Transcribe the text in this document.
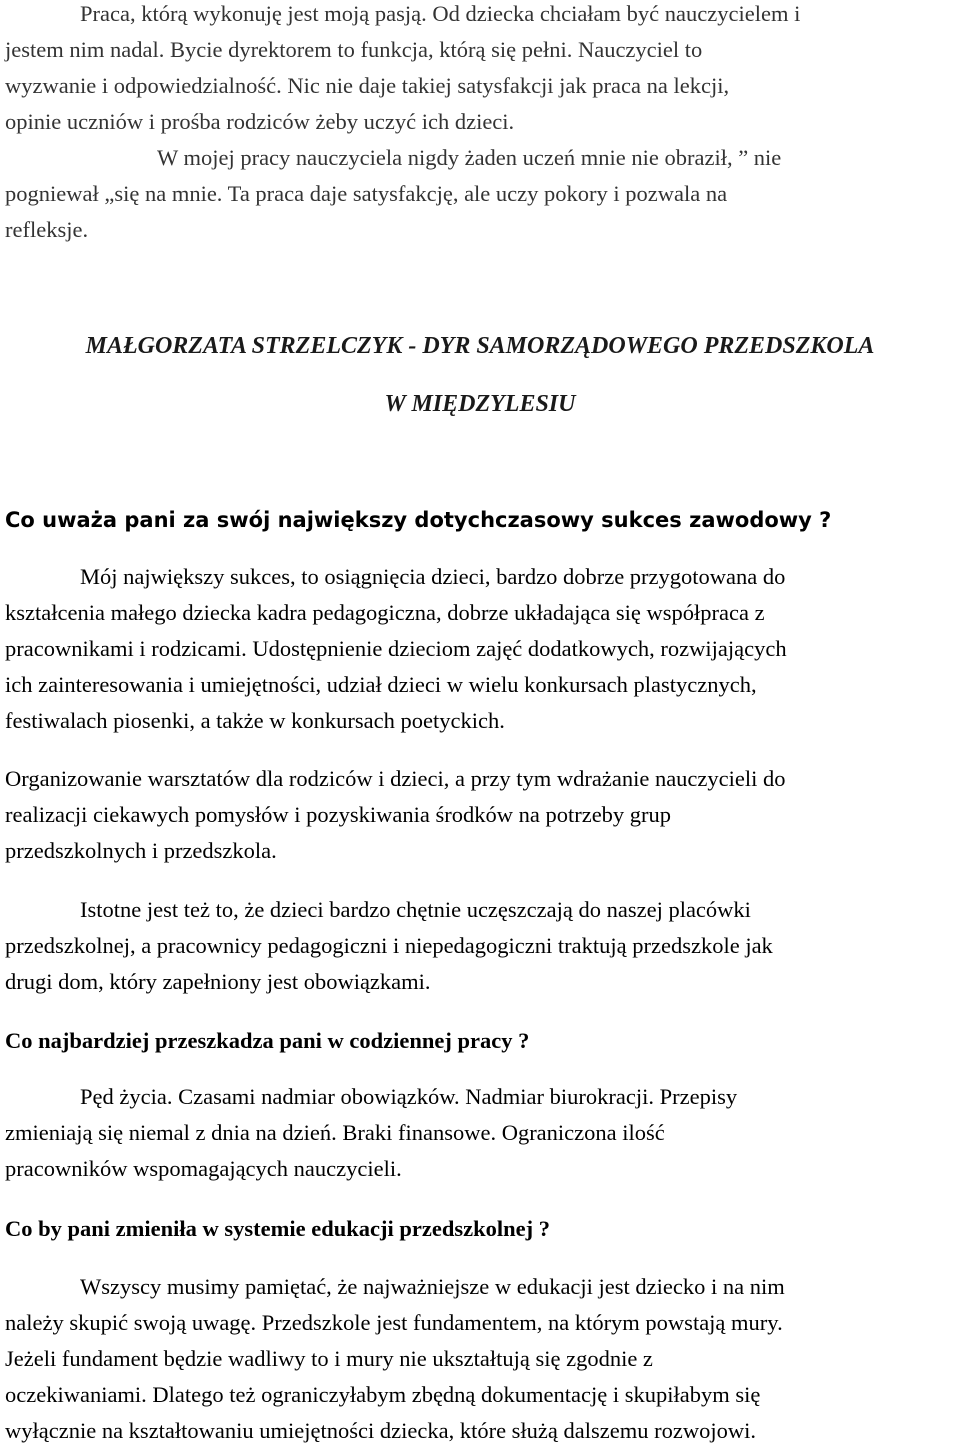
Praca, którą wykonuję jest moją pasją. Od dziecka chciałam być nauczycielem i
jestem nim nadal. Bycie dyrektorem to funkcja, którą się pełni. Nauczyciel to
wyzwanie i odpowiedzialność. Nic nie daje takiej satysfakcji jak praca na lekcji,
opinie uczniów i prośba rodziców żeby uczyć ich dzieci.
W mojej pracy nauczyciela nigdy żaden uczeń mnie nie obraził, ” nie
pogniewał „się na mnie. Ta praca daje satysfakcję, ale uczy pokory i pozwala na
refleksje.
MAŁGORZATA STRZELCZYK - DYR SAMORZĄDOWEGO PRZEDSZKOLA
W MIĘDZYLESIU
Co uważa pani za swój największy dotychczasowy sukces zawodowy ?
Mój największy sukces, to osiągnięcia dzieci, bardzo dobrze przygotowana do
kształcenia małego dziecka kadra pedagogiczna, dobrze układająca się współpraca z
pracownikami i rodzicami. Udostępnienie dzieciom zajęć dodatkowych, rozwijających
ich zainteresowania i umiejętności, udział dzieci w wielu konkursach plastycznych,
festiwalach piosenki, a także w konkursach poetyckich.
Organizowanie warsztatów dla rodziców i dzieci, a przy tym wdrażanie nauczycieli do
realizacji ciekawych pomysłów i pozyskiwania środków na potrzeby grup
przedszkolnych i przedszkola.
Istotne jest też to, że dzieci bardzo chętnie uczęszczają do naszej placówki
przedszkolnej, a pracownicy pedagogiczni i niepedagogiczni traktują przedszkole jak
drugi dom, który zapełniony jest obowiązkami.
Co najbardziej przeszkadza pani w codziennej pracy ?
Pęd życia. Czasami nadmiar obowiązków. Nadmiar biurokracji. Przepisy
zmieniają się niemal z dnia na dzień. Braki finansowe. Ograniczona ilość
pracowników wspomagających nauczycieli.
Co by pani zmieniła w systemie edukacji przedszkolnej ?
Wszyscy musimy pamiętać, że najważniejsze w edukacji jest dziecko i na nim
należy skupić swoją uwagę. Przedszkole jest fundamentem, na którym powstają mury.
Jeżeli fundament będzie wadliwy to i mury nie ukształtują się zgodnie z
oczekiwaniami. Dlatego też ograniczyłabym zbędną dokumentację i skupiłabym się
wyłącznie na kształtowaniu umiejętności dziecka, które służą dalszemu rozwojowi.
